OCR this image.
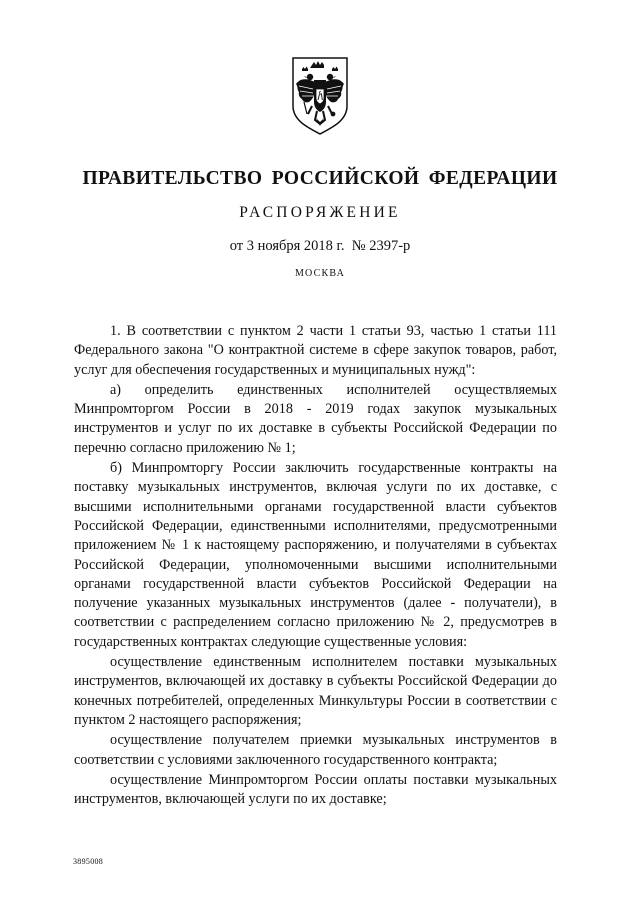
ПРАВИТЕЛЬСТВО РОССИЙСКОЙ ФЕДЕРАЦИИ
РАСПОРЯЖЕНИЕ
от 3 ноября 2018 г.  № 2397-р
МОСКВА

1. В соответствии с пунктом 2 части 1 статьи 93, частью 1 статьи 111 Федерального закона "О контрактной системе в сфере закупок товаров, работ, услуг для обеспечения государственных и муниципальных нужд":

а) определить единственных исполнителей осуществляемых Минпромторгом России в 2018 - 2019 годах закупок музыкальных инструментов и услуг по их доставке в субъекты Российской Федерации по перечню согласно приложению № 1;

б) Минпромторгу России заключить государственные контракты на поставку музыкальных инструментов, включая услуги по их доставке, с высшими исполнительными органами государственной власти субъектов Российской Федерации, единственными исполнителями, предусмотренными приложением № 1 к настоящему распоряжению, и получателями в субъектах Российской Федерации, уполномоченными высшими исполнительными органами государственной власти субъектов Российской Федерации на получение указанных музыкальных инструментов (далее - получатели), в соответствии с распределением согласно приложению № 2, предусмотрев в государственных контрактах следующие существенные условия:

осуществление единственным исполнителем поставки музыкальных инструментов, включающей их доставку в субъекты Российской Федерации до конечных потребителей, определенных Минкультуры России в соответствии с пунктом 2 настоящего распоряжения;

осуществление получателем приемки музыкальных инструментов в соответствии с условиями заключенного государственного контракта;

осуществление Минпромторгом России оплаты поставки музыкальных инструментов, включающей услуги по их доставке;

3895008
